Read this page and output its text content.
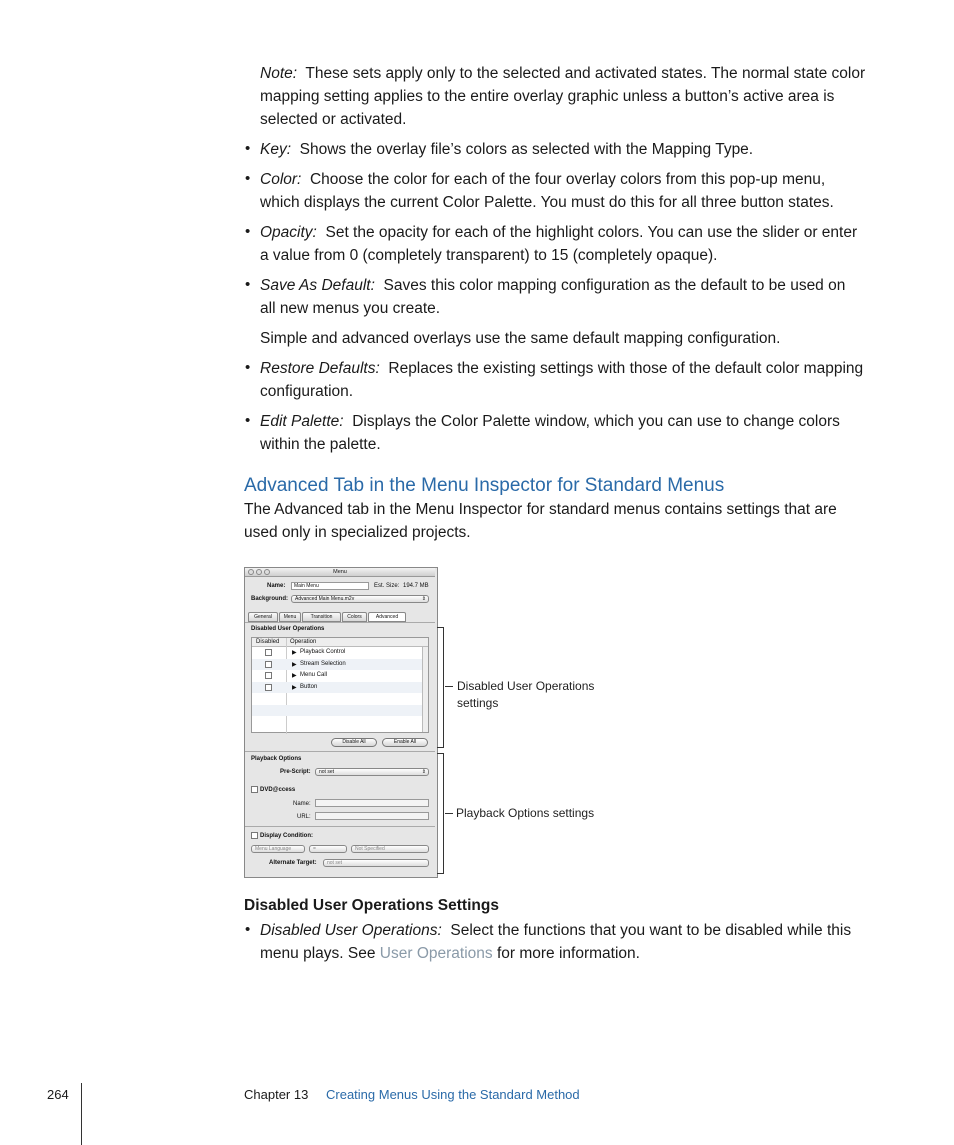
Note: These sets apply only to the selected and activated states. The normal state color
mapping setting applies to the entire overlay graphic unless a button’s active area is
selected or activated.
• Key: Shows the overlay file’s colors as selected with the Mapping Type.
• Color: Choose the color for each of the four overlay colors from this pop-up menu,
which displays the current Color Palette. You must do this for all three button states.
• Opacity: Set the opacity for each of the highlight colors. You can use the slider or enter
a value from 0 (completely transparent) to 15 (completely opaque).
• Save As Default: Saves this color mapping configuration as the default to be used on
all new menus you create.
Simple and advanced overlays use the same default mapping configuration.
• Restore Defaults: Replaces the existing settings with those of the default color mapping
configuration.
• Edit Palette: Displays the Color Palette window, which you can use to change colors
within the palette.
Advanced Tab in the Menu Inspector for Standard Menus
The Advanced tab in the Menu Inspector for standard menus contains settings that are
used only in specialized projects.
Menu
Name:	Main Menu	Est. Size: 194.7 MB
Background:	Advanced Main Menu.m2v	⇕
General	Menu	Transition	Colors	Advanced
Disabled User Operations
Disabled Operation
▶ Playback Control
▶ Stream Selection
▶ Menu Call
▶ Button
Disable All	Enable All
Playback Options
Pre-Script:	not set	⇕
DVD@ccess
Name:
URL:
Display Condition:
Menu Language	=	Not Specified
Alternate Target:	not set
Disabled User Operations
settings
Playback Options settings
Disabled User Operations Settings
• Disabled User Operations: Select the functions that you want to be disabled while this
menu plays. See User Operations for more information.
264	Chapter 13 Creating Menus Using the Standard Method
